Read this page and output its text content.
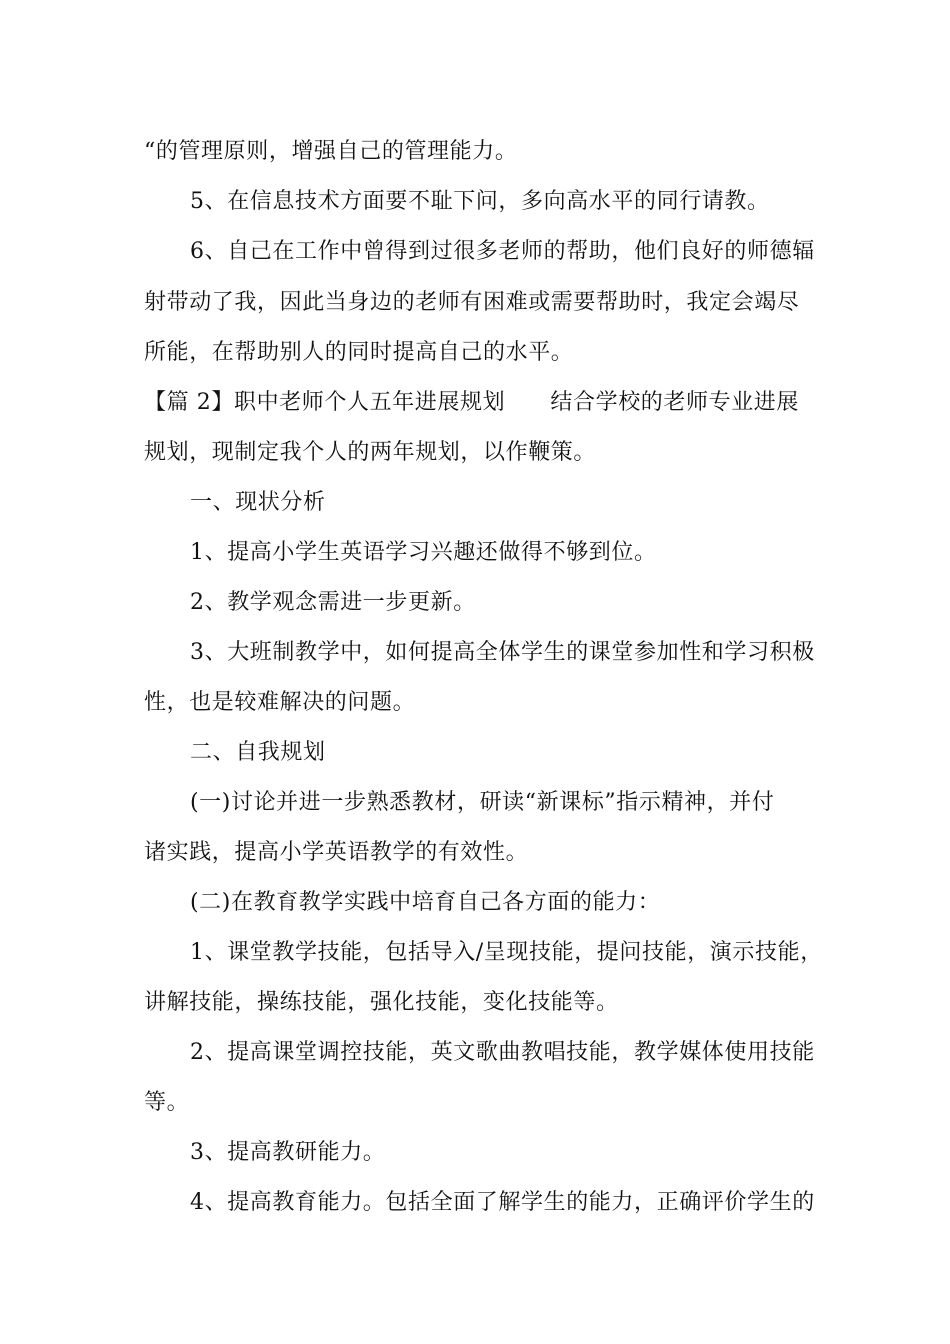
“的管理原则，增强自己的管理能力。
5、在信息技术方面要不耻下问，多向高水平的同行请教。
6、自己在工作中曾得到过很多老师的帮助，他们良好的师德辐
射带动了我，因此当身边的老师有困难或需要帮助时，我定会竭尽
所能，在帮助别人的同时提高自己的水平。
【篇 2】职中老师个人五年进展规划　　结合学校的老师专业进展
规划，现制定我个人的两年规划，以作鞭策。
一、现状分析
1、提高小学生英语学习兴趣还做得不够到位。
2、教学观念需进一步更新。
3、大班制教学中，如何提高全体学生的课堂参加性和学习积极
性，也是较难解决的问题。
二、自我规划
(一)讨论并进一步熟悉教材，研读“新课标”指示精神，并付
诸实践，提高小学英语教学的有效性。
(二)在教育教学实践中培育自己各方面的能力：
1、课堂教学技能，包括导入/呈现技能，提问技能，演示技能，
讲解技能，操练技能，强化技能，变化技能等。
2、提高课堂调控技能，英文歌曲教唱技能，教学媒体使用技能
等。
3、提高教研能力。
4、提高教育能力。包括全面了解学生的能力，正确评价学生的
